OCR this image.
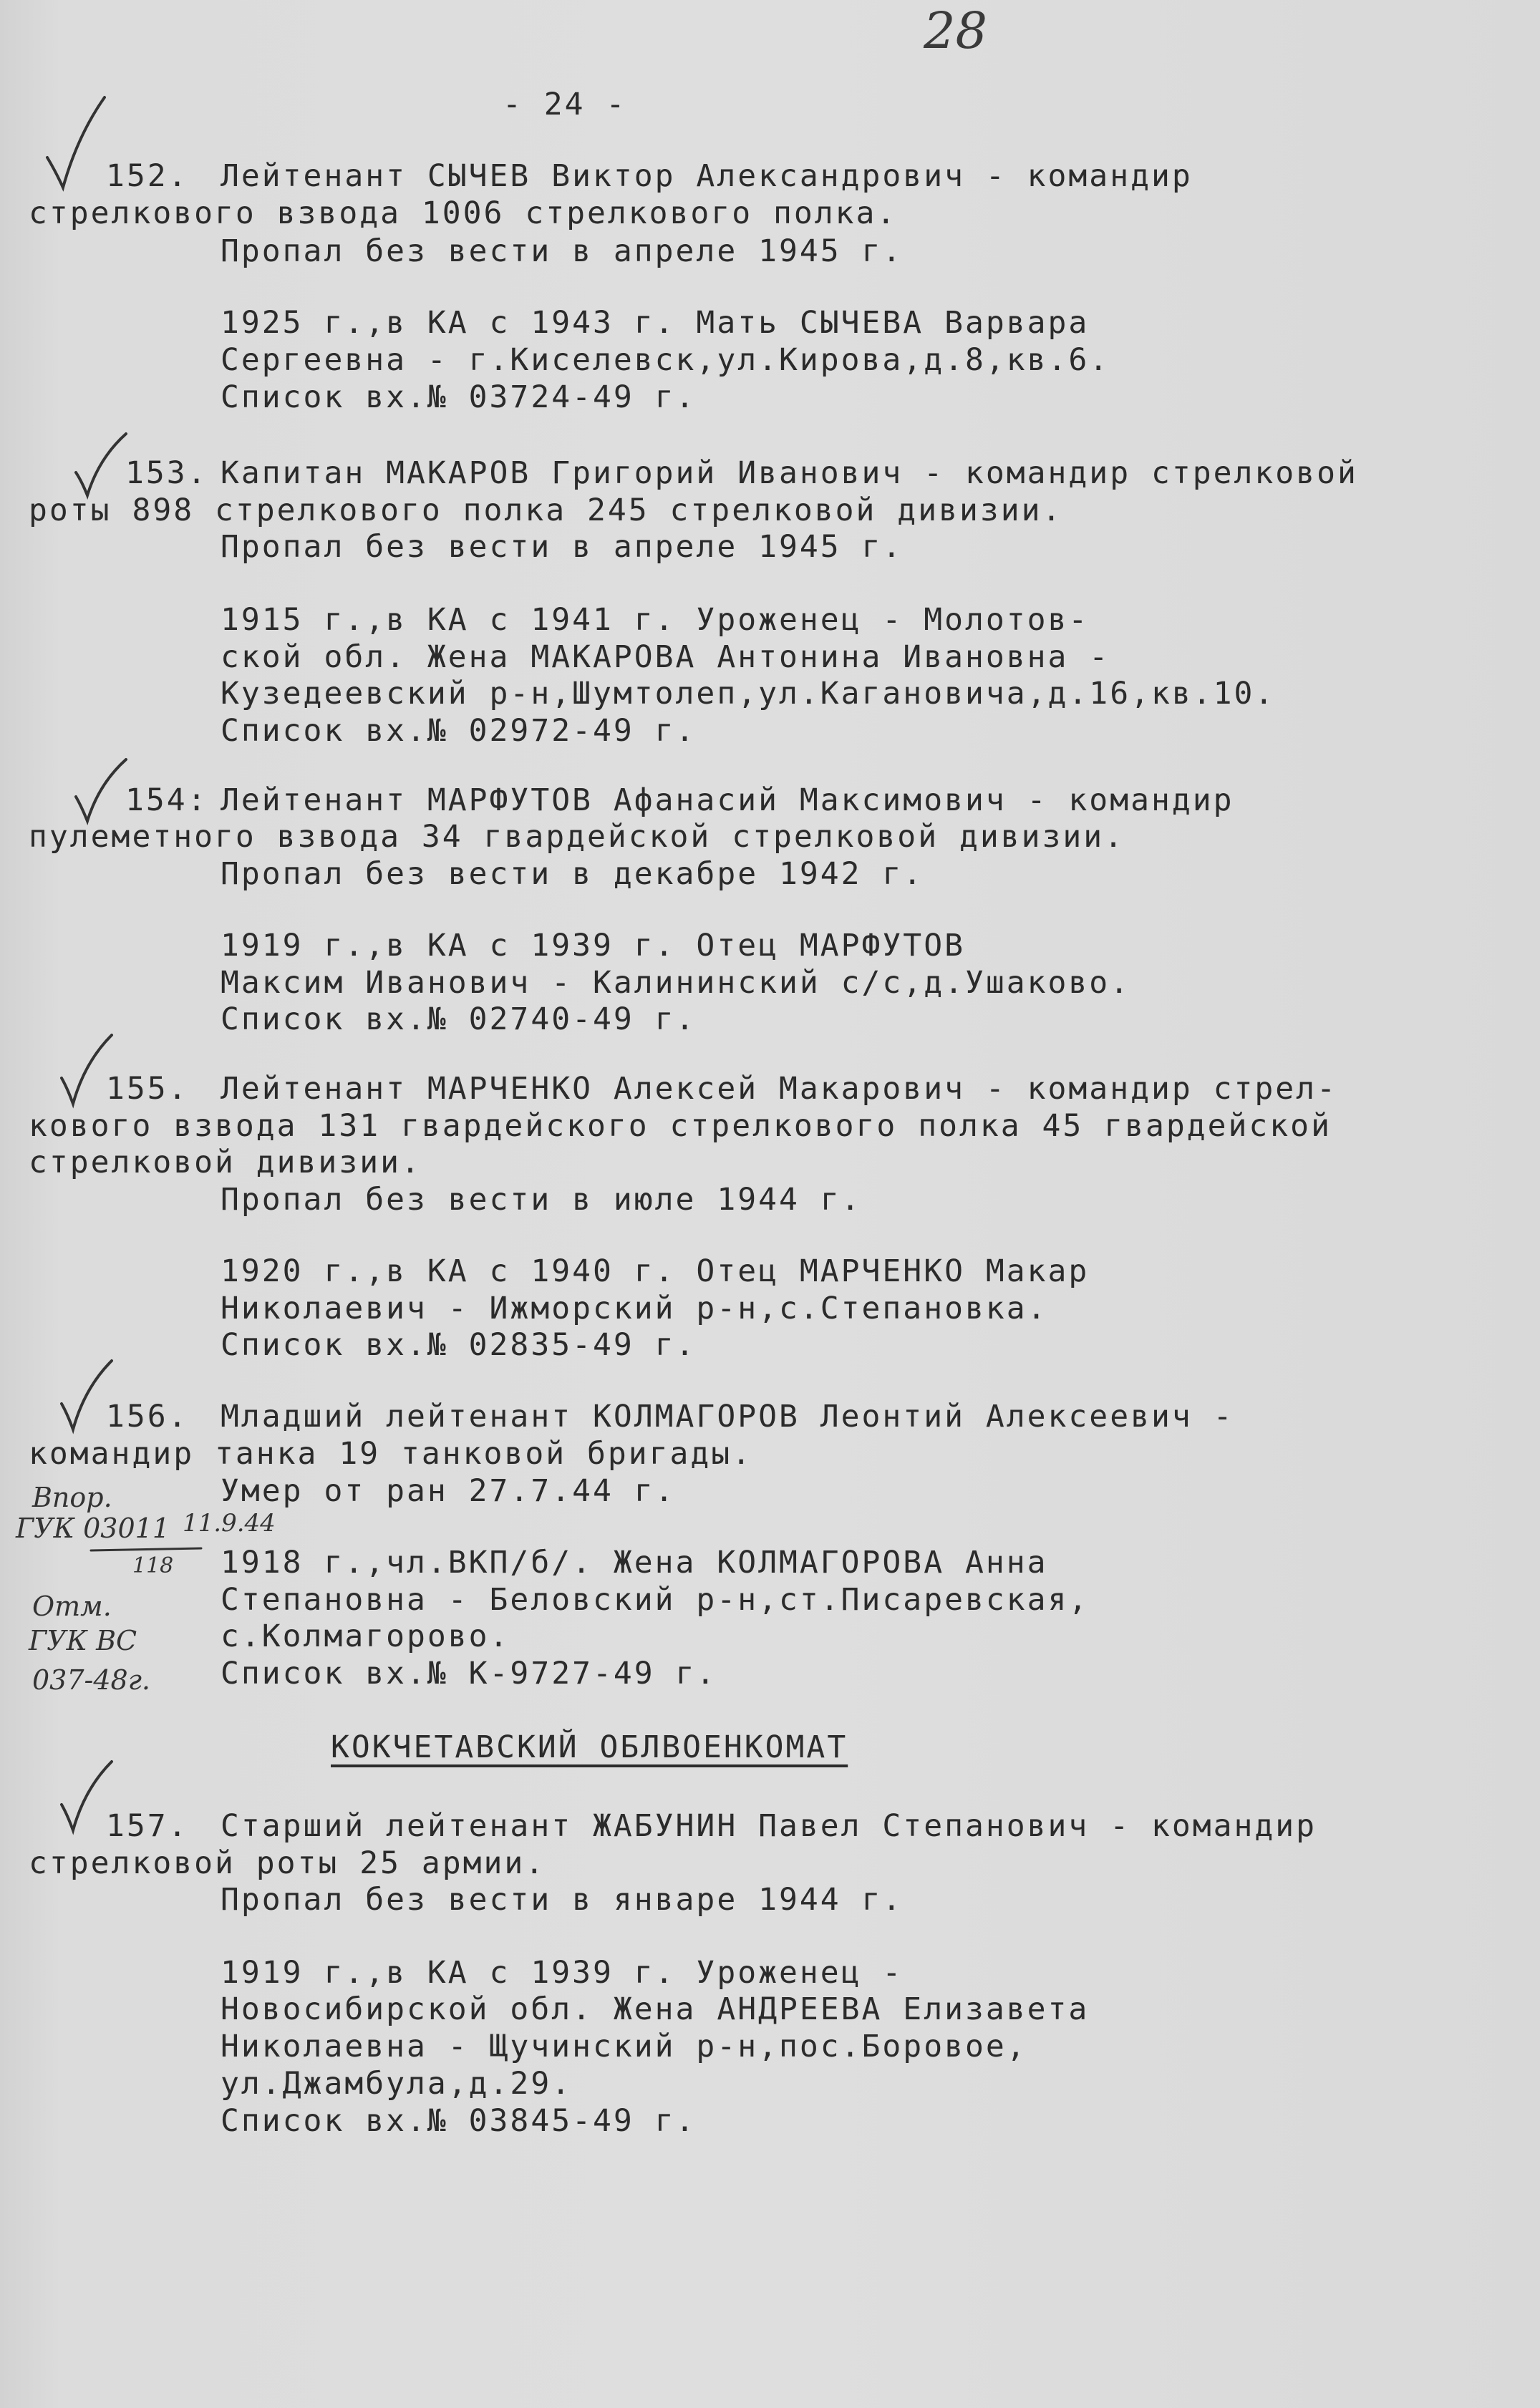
28
- 24 -
152. Лейтенант СЫЧЕВ Виктор Александрович - командир
стрелкового взвода 1006 стрелкового полка.
Пропал без вести в апреле 1945 г.
1925 г.,в КА с 1943 г. Мать СЫЧЕВА Варвара
Сергеевна - г.Киселевск,ул.Кирова,д.8,кв.6.
Список вх.№ 03724-49 г.
153. Капитан МАКАРОВ Григорий Иванович - командир стрелковой
роты 898 стрелкового полка 245 стрелковой дивизии.
Пропал без вести в апреле 1945 г.
1915 г.,в КА с 1941 г. Уроженец - Молотов-
ской обл. Жена МАКАРОВА Антонина Ивановна -
Кузедеевский р-н,Шумтолеп,ул.Кагановича,д.16,кв.10.
Список вх.№ 02972-49 г.
154: Лейтенант МАРФУТОВ Афанасий Максимович - командир
пулеметного взвода 34 гвардейской стрелковой дивизии.
Пропал без вести в декабре 1942 г.
1919 г.,в КА с 1939 г. Отец МАРФУТОВ
Максим Иванович - Калининский с/с,д.Ушаково.
Список вх.№ 02740-49 г.
155. Лейтенант МАРЧЕНКО Алексей Макарович - командир стрел-
кового взвода 131 гвардейского стрелкового полка 45 гвардейской
стрелковой дивизии.
Пропал без вести в июле 1944 г.
1920 г.,в КА с 1940 г. Отец МАРЧЕНКО Макар
Николаевич - Ижморский р-н,с.Степановка.
Список вх.№ 02835-49 г.
156. Младший лейтенант КОЛМАГОРОВ Леонтий Алексеевич -
командир танка 19 танковой бригады.
Умер от ран 27.7.44 г.
1918 г.,чл.ВКП/б/. Жена КОЛМАГОРОВА Анна
Степановна - Беловский р-н,ст.Писаревская,
с.Колмагорово.
Список вх.№ К-9727-49 г.
Впор.
ГУК 03011 11.9.44
118
Отм.
ГУК ВС
037-48г.
КОКЧЕТАВСКИЙ ОБЛВОЕНКОМАТ
157. Старший лейтенант ЖАБУНИН Павел Степанович - командир
стрелковой роты 25 армии.
Пропал без вести в январе 1944 г.
1919 г.,в КА с 1939 г. Уроженец -
Новосибирской обл. Жена АНДРЕЕВА Елизавета
Николаевна - Щучинский р-н,пос.Боровое,
ул.Джамбула,д.29.
Список вх.№ 03845-49 г.
